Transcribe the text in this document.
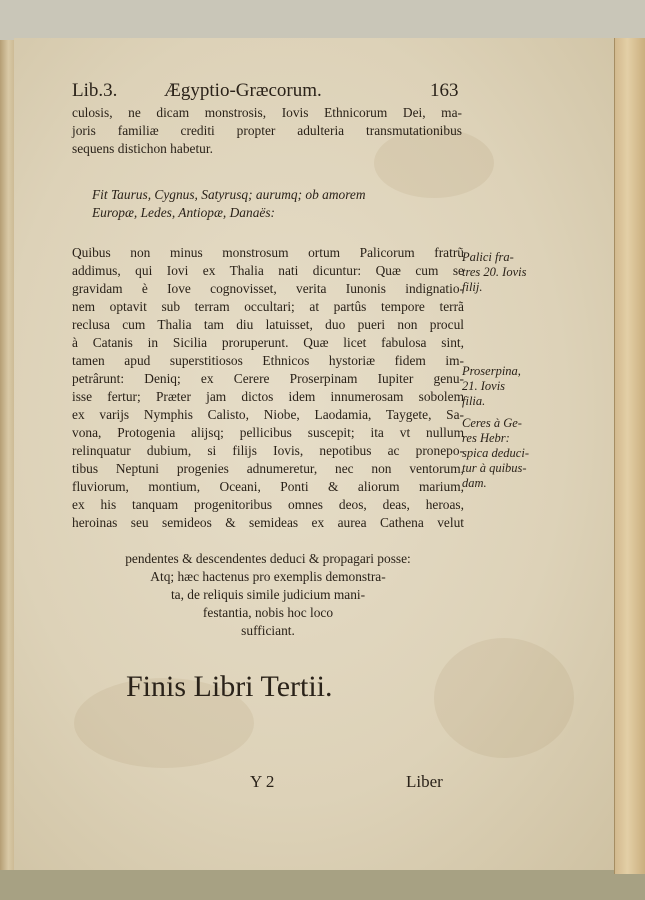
Lib.3. Ægyptio-Græcorum.	163
culosis, ne dicam monstrosis, Iovis Ethnicorum Dei, ma-
joris familiæ crediti propter adulteria transmutationibus
sequens distichon habetur.
Fit Taurus, Cygnus, Satyrusq; aurumq; ob amorem
Europæ, Ledes, Antiopæ, Danaës:
Quibus non minus monstrosum ortum Palicorum fratrũ
addimus, qui Iovi ex Thalia nati dicuntur: Quæ cum se
gravidam è Iove cognovisset, verita Iunonis indignatio-
nem optavit sub terram occultari; at partûs tempore terrã
reclusa cum Thalia tam diu latuisset, duo pueri non procul
à Catanis in Sicilia proruperunt. Quæ licet fabulosa sint,
tamen apud superstitiosos Ethnicos hystoriæ fidem im-
petrârunt: Deniq; ex Cerere Proserpinam Iupiter genu-
isse fertur; Præter jam dictos idem innumerosam sobolem
ex varijs Nymphis Calisto, Niobe, Laodamia, Taygete, Sa-
vona, Protogenia alijsq; pellicibus suscepit; ita vt nullum
relinquatur dubium, si filijs Iovis, nepotibus ac pronepo-
tibus Neptuni progenies adnumeretur, nec non ventorum,
fluviorum, montium, Oceani, Ponti & aliorum marium,
ex his tanquam progenitoribus omnes deos, deas, heroas,
heroinas seu semideos & semideas ex aurea Cathena velut
pendentes & descendentes deduci & propagari posse:
Atq; hæc hactenus pro exemplis demonstra-
ta, de reliquis simile judicium mani-
festantia, nobis hoc loco
sufficiant.
Palici fra-
tres 20. Iovis
filij.
Proserpina,
21. Iovis
filia.
Ceres à Ge-
res Hebr:
spica deduci-
tur à quibus-
dam.
Finis Libri Tertii.
Y 2	Liber
